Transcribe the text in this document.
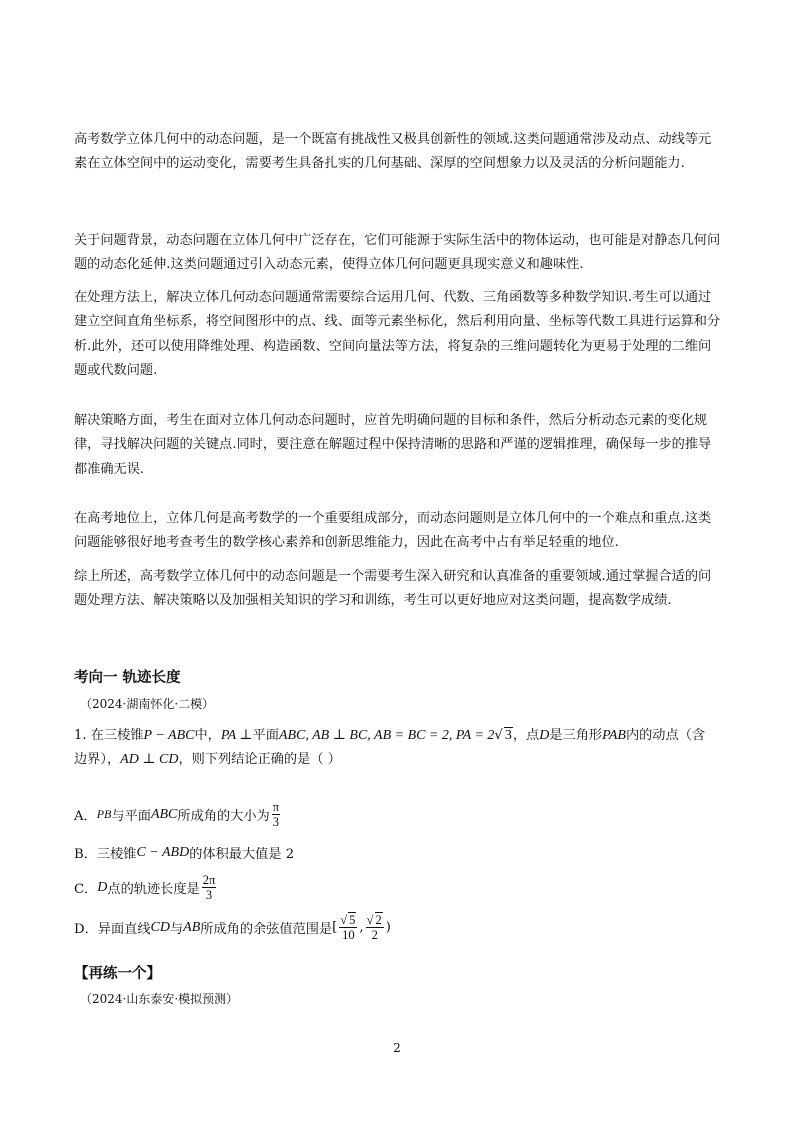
高考数学立体几何中的动态问题，是一个既富有挑战性又极具创新性的领域.这类问题通常涉及动点、动线等元素在立体空间中的运动变化，需要考生具备扎实的几何基础、深厚的空间想象力以及灵活的分析问题能力.
关于问题背景，动态问题在立体几何中广泛存在，它们可能源于实际生活中的物体运动，也可能是对静态几何问题的动态化延伸.这类问题通过引入动态元素，使得立体几何问题更具现实意义和趣味性.
在处理方法上，解决立体几何动态问题通常需要综合运用几何、代数、三角函数等多种数学知识.考生可以通过建立空间直角坐标系，将空间图形中的点、线、面等元素坐标化，然后利用向量、坐标等代数工具进行运算和分析.此外，还可以使用降维处理、构造函数、空间向量法等方法，将复杂的三维问题转化为更易于处理的二维问题或代数问题.
解决策略方面，考生在面对立体几何动态问题时，应首先明确问题的目标和条件，然后分析动态元素的变化规律，寻找解决问题的关键点.同时，要注意在解题过程中保持清晰的思路和严谨的逻辑推理，确保每一步的推导都准确无误.
在高考地位上，立体几何是高考数学的一个重要组成部分，而动态问题则是立体几何中的一个难点和重点.这类问题能够很好地考查考生的数学核心素养和创新思维能力，因此在高考中占有举足轻重的地位.
综上所述，高考数学立体几何中的动态问题是一个需要考生深入研究和认真准备的重要领域.通过掌握合适的问题处理方法、解决策略以及加强相关知识的学习和训练，考生可以更好地应对这类问题，提高数学成绩.
考向一 轨迹长度
（2024·湖南怀化·二模）
1. 在三棱锥P − ABC中，PA ⊥平面ABC, AB ⊥ BC, AB = BC = 2, PA = 2√ 3，点D是三角形PAB内的动点（含
边界），AD ⊥ CD，则下列结论正确的是（ ）
A． PB 与平面 ABC 所成角的大小为 $\frac{\pi}{3}$
B．三棱锥 C − ABD 的体积最大值是 2
C． D 点的轨迹长度是 $\frac{2\pi}{3}$
D．异面直线 CD 与 AB 所成角的余弦值范围是 [ $\frac{√ 5}{10}$ , $\frac{√ 2}{2}$ )
【再练一个】
（2024·山东泰安·模拟预测）
2
